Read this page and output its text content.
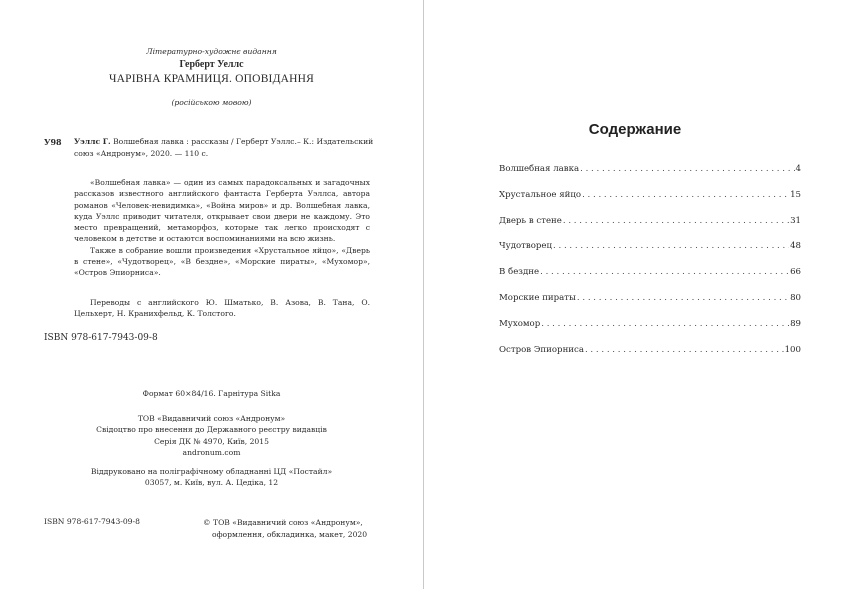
Літературно-художнє видання
Герберт Уеллс
ЧАРІВНА КРАМНИЦЯ. ОПОВІДАННЯ
(російською мовою)
У98 Уэллс Г. Волшебная лавка : рассказы / Герберт Уэллс.– К.: Издательский
союз «Андронум», 2020. — 110 с.

«Волшебная лавка» — один из самых парадоксальных и загадочных рассказов известного английского фантаста Герберта Уэллса, автора романов «Человек-невидимка», «Война миров» и др. Волшебная лавка, куда Уэллс приводит читателя, открывает свои двери не каждому. Это место превращений, метаморфоз, которые так легко происходят с человеком в детстве и остаются воспоминаниями на всю жизнь.

Также в собрание вошли произведения «Хрустальное яйцо», «Дверь в стене», «Чудотворец», «В бездне», «Морские пираты», «Мухомор», «Остров Эпиорниса».

Переводы с английского Ю. Шматько, В. Азова, В. Тана, О. Цельхерт, Н. Кранихфельд, К. Толстого.
ISBN 978-617-7943-09-8
Формат 60×84/16. Гарнітура Sitka
ТОВ «Видавничий союз «Андронум»
Свідоцтво про внесення до Державного реєстру видавців
Серія ДК № 4970, Київ, 2015
andronum.com
Віддруковано на поліграфічному обладнанні ЦД «Постайл»
03057, м. Київ, вул. А. Цедіка, 12
ISBN 978-617-7943-09-8	© ТОВ «Видавничий союз «Андронум»,
оформлення, обкладинка, макет, 2020
Содержание
Волшебная лавка . . .	4
Хрустальное яйцо . . .	15
Дверь в стене . . .	31
Чудотворец . . .	48
В бездне . . .	66
Морские пираты . . .	80
Мухомор . . .	89
Остров Эпиорниса . . .	100
